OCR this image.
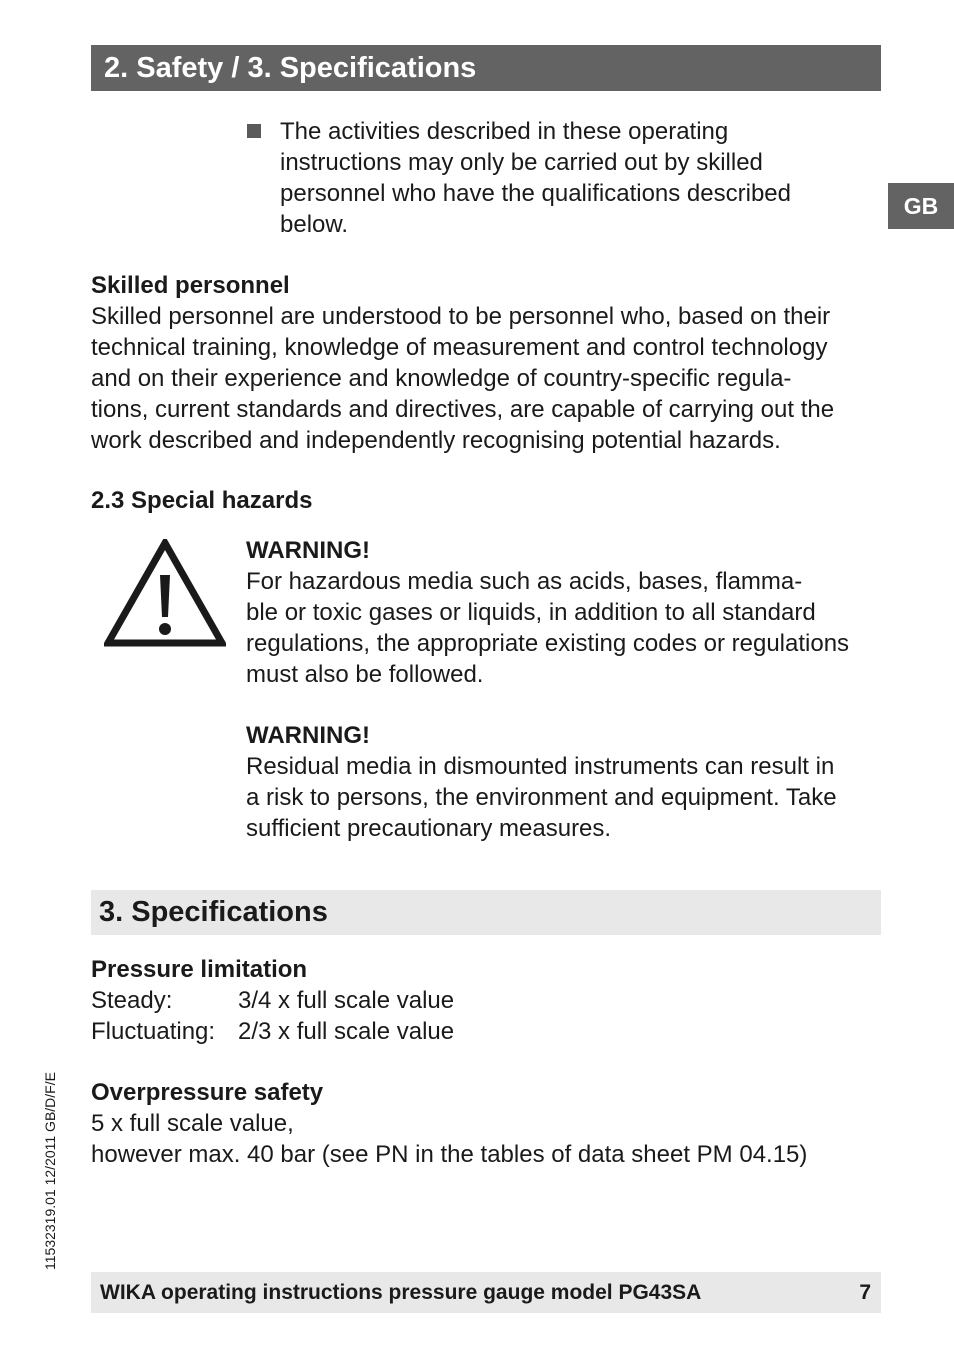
2. Safety / 3. Specifications
GB
The activities described in these operating
instructions may only be carried out by skilled
personnel who have the qualifications described
below.
Skilled personnel
Skilled personnel are understood to be personnel who, based on their
technical training, knowledge of measurement and control technology
and on their experience and knowledge of country-specific regula-
tions, current standards and directives, are capable of carrying out the
work described and independently recognising potential hazards.
2.3 Special hazards
WARNING!
For hazardous media such as acids, bases, flamma-
ble or toxic gases or liquids, in addition to all standard
regulations, the appropriate existing codes or regulations
must also be followed.
WARNING!
Residual media in dismounted instruments can result in
a risk to persons, the environment and equipment. Take
sufficient precautionary measures.
3. Specifications
Pressure limitation
Steady:	3/4 x full scale value
Fluctuating: 2/3 x full scale value
Overpressure safety
5 x full scale value,
however max. 40 bar (see PN in the tables of data sheet PM 04.15)
11532319.01 12/2011 GB/D/F/E
WIKA operating instructions pressure gauge model PG43SA	7
